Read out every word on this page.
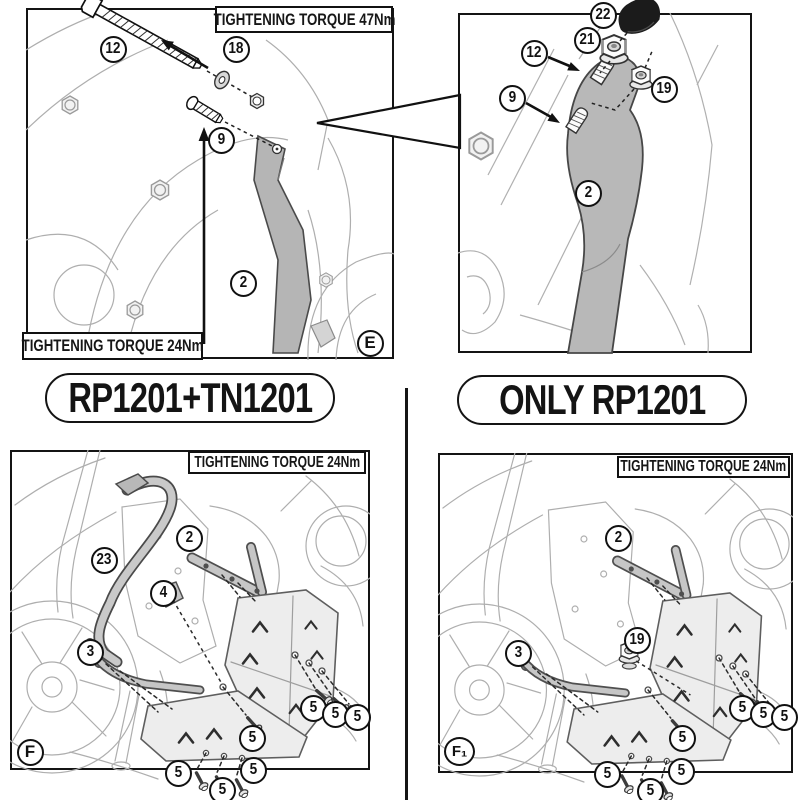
TIGHTENING TORQUE 47Nm
TIGHTENING TORQUE 24Nm
TIGHTENING TORQUE 24Nm	TIGHTENING TORQUE 24Nm
RP1201+TN1201	ONLY RP1201
E
F	F₁
12	18
9
2
22
21
12
9
19
2
23
2
4
3
5 5 5
5
5	5
5
2
19
3
5 5 5
5
5	5
5
